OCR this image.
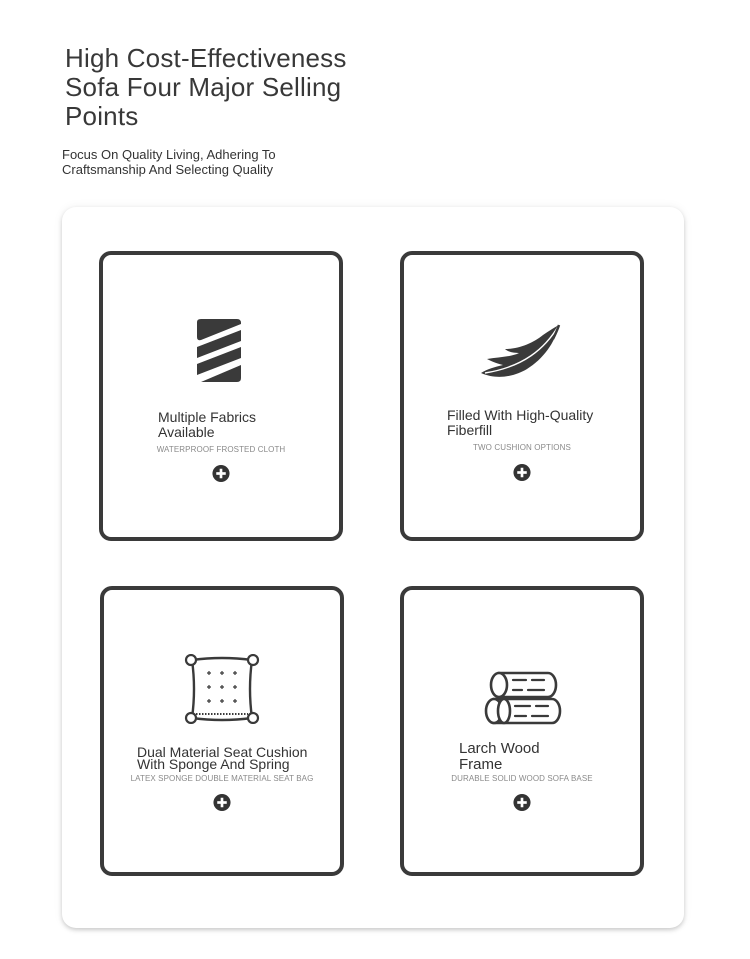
High Cost-Effectiveness
Sofa Four Major Selling
Points

Focus On Quality Living, Adhering To
Craftsmanship And Selecting Quality

Multiple Fabrics
Available
WATERPROOF FROSTED CLOTH
Filled With High-Quality
Fiberfill
TWO CUSHION OPTIONS
Dual Material Seat Cushion
With Sponge And Spring
LATEX SPONGE DOUBLE MATERIAL SEAT BAG
Larch Wood
Frame
DURABLE SOLID WOOD SOFA BASE
